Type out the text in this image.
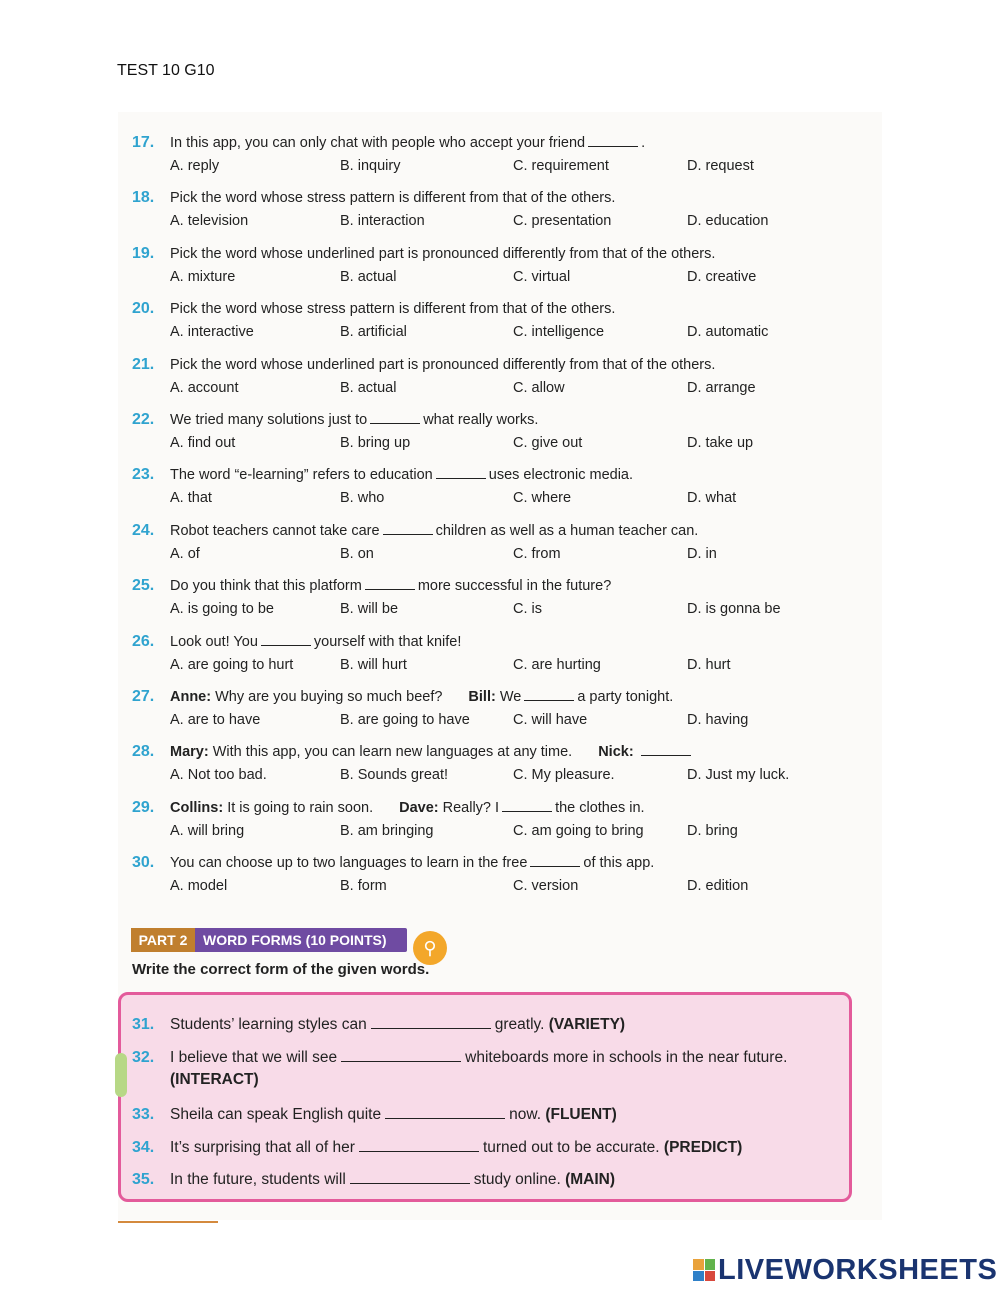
TEST 10 G10
17. In this app, you can only chat with people who accept your friend	.
A. reply	B. inquiry	C. requirement	D. request
18. Pick the word whose stress pattern is different from that of the others.
A. television	B. interaction	C. presentation	D. education
19. Pick the word whose underlined part is pronounced differently from that of the others.
A. mixture	B. actual	C. virtual	D. creative
20. Pick the word whose stress pattern is different from that of the others.
A. interactive	B. artificial	C. intelligence	D. automatic
21. Pick the word whose underlined part is pronounced differently from that of the others.
A. account	B. actual	C. allow	D. arrange
22. We tried many solutions just to	what really works.
A. find out	B. bring up	C. give out	D. take up
23. The word “e-learning” refers to education	uses electronic media.
A. that	B. who	C. where	D. what
24. Robot teachers cannot take care	children as well as a human teacher can.
A. of	B. on	C. from	D. in
25. Do you think that this platform	more successful in the future?
A. is going to be	B. will be	C. is	D. is gonna be
26. Look out! You	yourself with that knife!
A. are going to hurt	B. will hurt	C. are hurting	D. hurt
27. Anne: Why are you buying so much beef? Bill: We	a party tonight.
A. are to have	B. are going to have	C. will have	D. having
28. Mary: With this app, you can learn new languages at any time. Nick:
A. Not too bad.	B. Sounds great!	C. My pleasure.	D. Just my luck.
29. Collins: It is going to rain soon. Dave: Really? I	the clothes in.
A. will bring	B. am bringing	C. am going to bring	D. bring
30. You can choose up to two languages to learn in the free	of this app.
A. model	B. form	C. version	D. edition
PART 2	WORD FORMS (10 POINTS)	⚲
Write the correct form of the given words.
31. Students’ learning styles can	greatly. (VARIETY)
32. I believe that we will see	whiteboards more in schools in the near future.
(INTERACT)
33. Sheila can speak English quite	now. (FLUENT)
34. It’s surprising that all of her	turned out to be accurate. (PREDICT)
35. In the future, students will	study online. (MAIN)
LIVEWORKSHEETS
